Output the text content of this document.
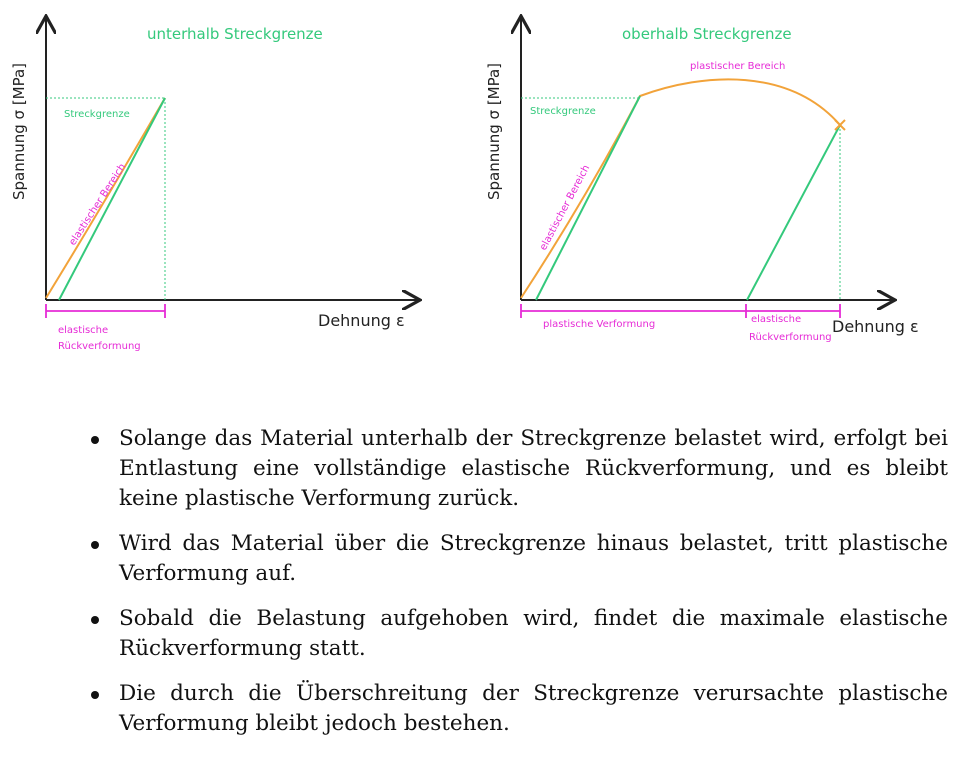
unterhalb Streckgrenze
Spannung σ [MPa]
Dehnung ε
Streckgrenze
elastischer Bereich
elastische
Rückverformung
oberhalb Streckgrenze
Spannung σ [MPa]
Dehnung ε
Streckgrenze
plastischer Bereich
elastischer Bereich
plastische Verformung	elastische
Rückverformung
Solange das Material unterhalb der Streckgrenze belastet wird, erfolgt bei Entlastung eine vollständige elastische Rückverformung, und es bleibt keine plastische Verformung zurück.
Wird das Material über die Streckgrenze hinaus belastet, tritt plastische Verformung auf.
Sobald die Belastung aufgehoben wird, findet die maximale elastische Rückverformung statt.
Die durch die Überschreitung der Streckgrenze verursachte plastische Verformung bleibt jedoch bestehen.
